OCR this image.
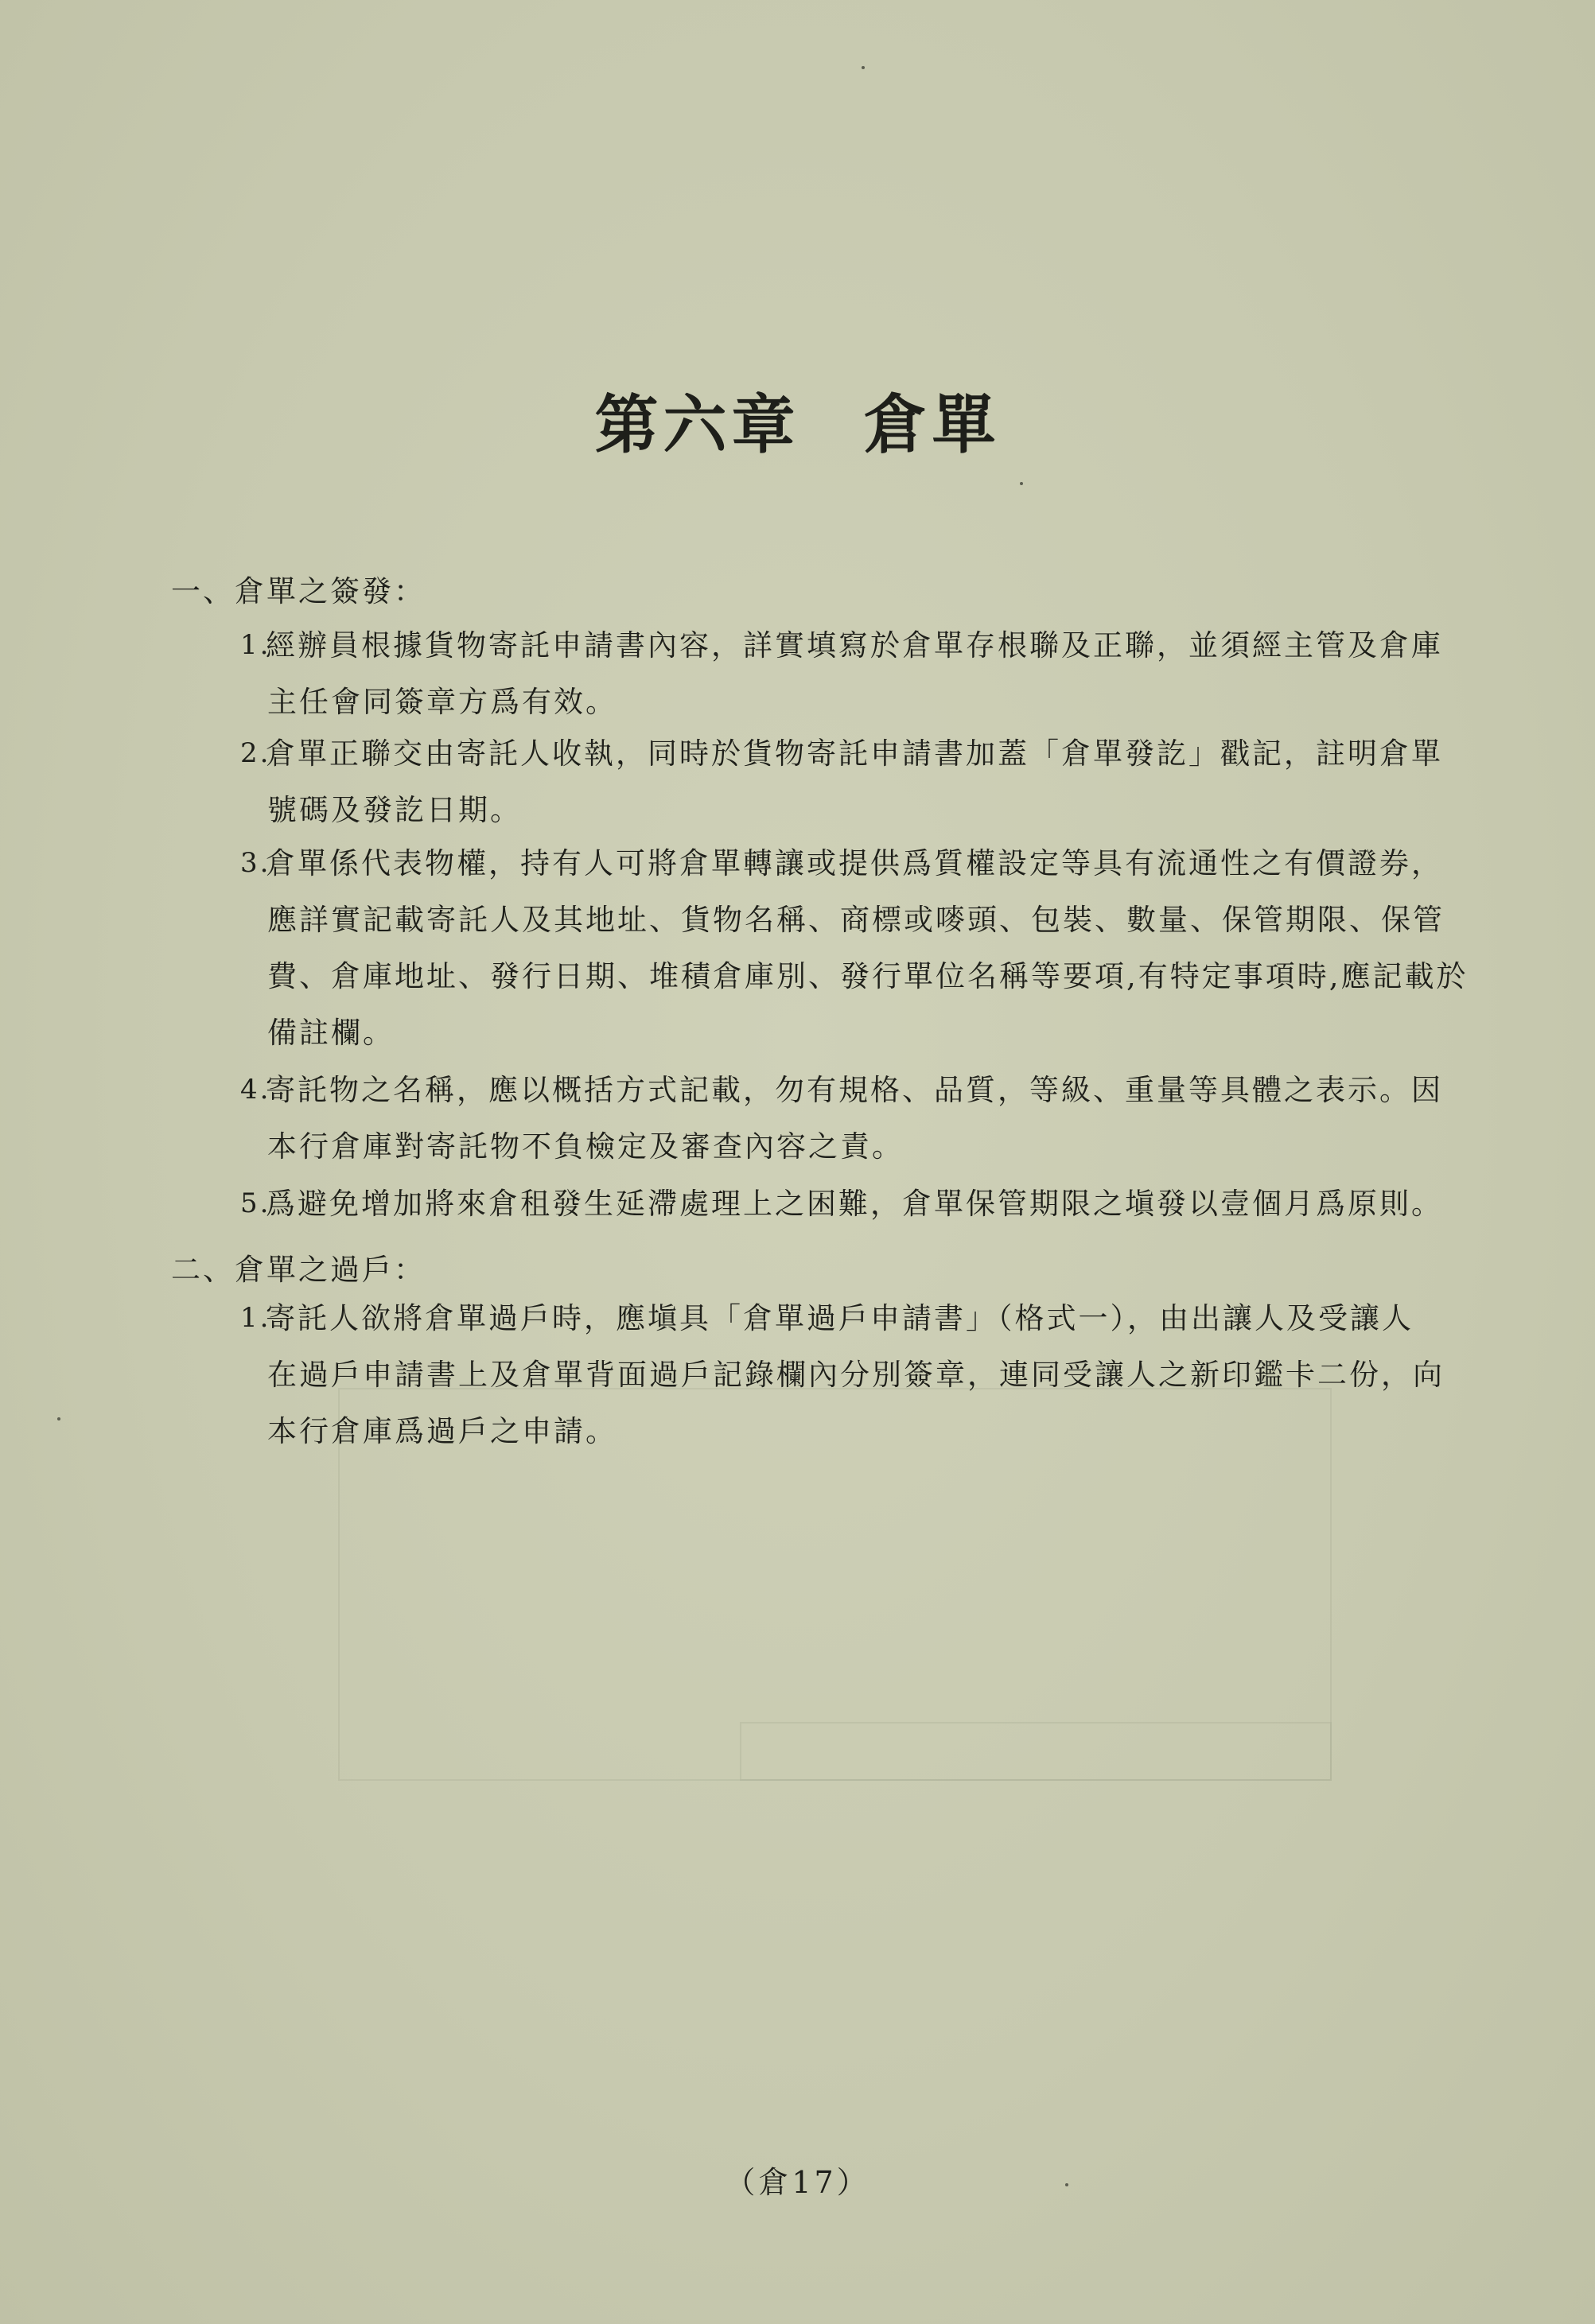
第六章 倉單
一、倉單之簽發：
1.
經辦員根據貨物寄託申請書內容，詳實填寫於倉單存根聯及正聯，並須經主管及倉庫
主任會同簽章方爲有效。
2.
倉單正聯交由寄託人收執，同時於貨物寄託申請書加蓋「倉單發訖」戳記，註明倉單
號碼及發訖日期。
3.
倉單係代表物權，持有人可將倉單轉讓或提供爲質權設定等具有流通性之有價證券，
應詳實記載寄託人及其地址、貨物名稱、商標或嘜頭、包裝、數量、保管期限、保管
費、倉庫地址、發行日期、堆積倉庫別、發行單位名稱等要項,有特定事項時,應記載於
備註欄。
4.
寄託物之名稱，應以概括方式記載，勿有規格、品質，等級、重量等具體之表示。因
本行倉庫對寄託物不負檢定及審查內容之責。
5.
爲避免增加將來倉租發生延滯處理上之困難，倉單保管期限之塡發以壹個月爲原則。
二、倉單之過戶：
1.
寄託人欲將倉單過戶時，應塡具「倉單過戶申請書」（格式一），由出讓人及受讓人
在過戶申請書上及倉單背面過戶記錄欄內分別簽章，連同受讓人之新印鑑卡二份，向
本行倉庫爲過戶之申請。
（倉17）
